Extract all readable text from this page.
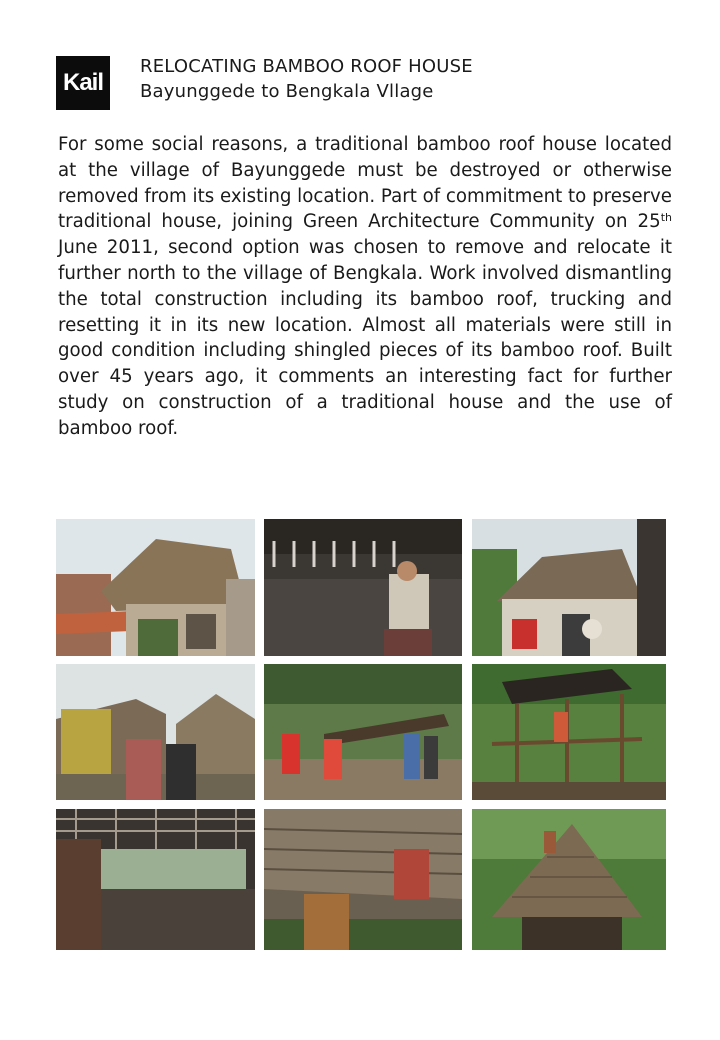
Kail
RELOCATING BAMBOO ROOF HOUSE
Bayunggede to Bengkala Vllage
For some social reasons, a traditional bamboo roof house located at the village of Bayunggede must be destroyed or otherwise removed from its existing location. Part of commitment to preserve traditional house, joining Green Architecture Community on 25th June 2011, second option was chosen to remove and relocate it further north to the village of Bengkala. Work involved dismantling the total construction including its bamboo roof, trucking and resetting it in its new location. Almost all materials were still in good condition including shingled pieces of its bamboo roof. Built over 45 years ago, it comments an interesting fact for further study on construction of a traditional house and the use of bamboo roof.
